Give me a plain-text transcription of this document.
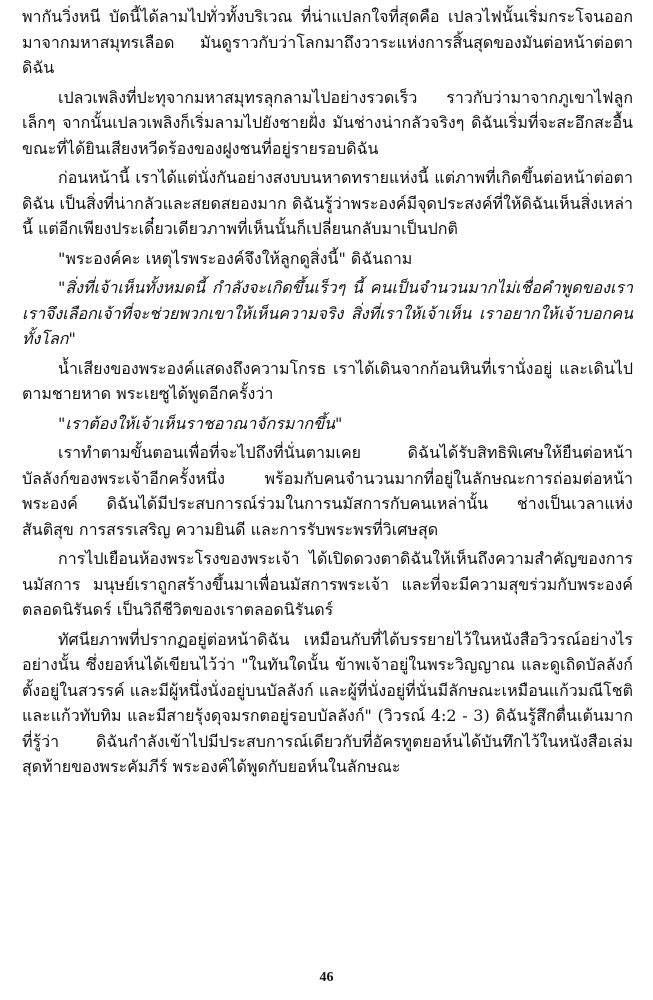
พากันวิ่งหนี บัดนี้ได้ลามไปทั่วทั้งบริเวณ ที่น่าแปลกใจที่สุดคือ เปลวไฟนั้นเริ่มกระโจนออกมาจากมหาสมุทรเลือด มันดูราวกับว่าโลกมาถึงวาระแห่งการสิ้นสุดของมันต่อหน้าต่อตาดิฉัน

เปลวเพลิงที่ปะทุจากมหาสมุทรลุกลามไปอย่างรวดเร็ว ราวกับว่ามาจากภูเขาไฟลูกเล็กๆ จากนั้นเปลวเพลิงก็เริ่มลามไปยังชายฝั่ง มันช่างน่ากลัวจริงๆ ดิฉันเริ่มที่จะสะอึกสะอื้น ขณะที่ได้ยินเสียงหวีดร้องของฝูงชนที่อยู่รายรอบดิฉัน

ก่อนหน้านี้ เราได้แต่นั่งกันอย่างสงบบนหาดทรายแห่งนี้ แต่ภาพที่เกิดขึ้นต่อหน้าต่อตาดิฉัน เป็นสิ่งที่น่ากลัวและสยดสยองมาก ดิฉันรู้ว่าพระองค์มีจุดประสงค์ที่ให้ดิฉันเห็นสิ่งเหล่านี้ แต่อีกเพียงประเดี๋ยวเดียวภาพที่เห็นนั้นก็เปลี่ยนกลับมาเป็นปกติ

"พระองค์คะ เหตุไรพระองค์จึงให้ลูกดูสิ่งนี้" ดิฉันถาม

"สิ่งที่เจ้าเห็นทั้งหมดนี้ กำลังจะเกิดขึ้นเร็วๆ นี้ คนเป็นจำนวนมากไม่เชื่อคำพูดของเรา เราจึงเลือกเจ้าที่จะช่วยพวกเขาให้เห็นความจริง สิ่งที่เราให้เจ้าเห็น เราอยากให้เจ้าบอกคนทั้งโลก"

น้ำเสียงของพระองค์แสดงถึงความโกรธ เราได้เดินจากก้อนหินที่เรานั่งอยู่ และเดินไปตามชายหาด พระเยซูได้พูดอีกครั้งว่า

"เราต้องให้เจ้าเห็นราชอาณาจักรมากขึ้น"

เราทำตามขั้นตอนเพื่อที่จะไปถึงที่นั่นตามเคย ดิฉันได้รับสิทธิพิเศษให้ยืนต่อหน้าบัลลังก์ของพระเจ้าอีกครั้งหนึ่ง พร้อมกับคนจำนวนมากที่อยู่ในลักษณะการถ่อมต่อหน้าพระองค์ ดิฉันได้มีประสบการณ์ร่วมในการนมัสการกับคนเหล่านั้น ช่างเป็นเวลาแห่งสันติสุข การสรรเสริญ ความยินดี และการรับพระพรที่วิเศษสุด

การไปเยือนห้องพระโรงของพระเจ้า ได้เปิดดวงตาดิฉันให้เห็นถึงความสำคัญของการนมัสการ มนุษย์เราถูกสร้างขึ้นมาเพื่อนมัสการพระเจ้า และที่จะมีความสุขร่วมกับพระองค์ตลอดนิรันดร์ เป็นวิถีชีวิตของเราตลอดนิรันดร์

ทัศนียภาพที่ปรากฏอยู่ต่อหน้าดิฉัน เหมือนกับที่ได้บรรยายไว้ในหนังสือวิวรณ์อย่างไรอย่างนั้น ซึ่งยอห์นได้เขียนไว้ว่า "ในทันใดนั้น ข้าพเจ้าอยู่ในพระวิญญาณ และดูเถิดบัลลังก์ตั้งอยู่ในสวรรค์ และมีผู้หนึ่งนั่งอยู่บนบัลลังก์ และผู้ที่นั่งอยู่ที่นั่นมีลักษณะเหมือนแก้วมณีโชติ และแก้วทับทิม และมีสายรุ้งดุจมรกตอยู่รอบบัลลังก์" (วิวรณ์ 4:2 - 3) ดิฉันรู้สึกตื่นเต้นมากที่รู้ว่า ดิฉันกำลังเข้าไปมีประสบการณ์เดียวกับที่อัครทูตยอห์นได้บันทึกไว้ในหนังสือเล่มสุดท้ายของพระคัมภีร์ พระองค์ได้พูดกับยอห์นในลักษณะ

46
